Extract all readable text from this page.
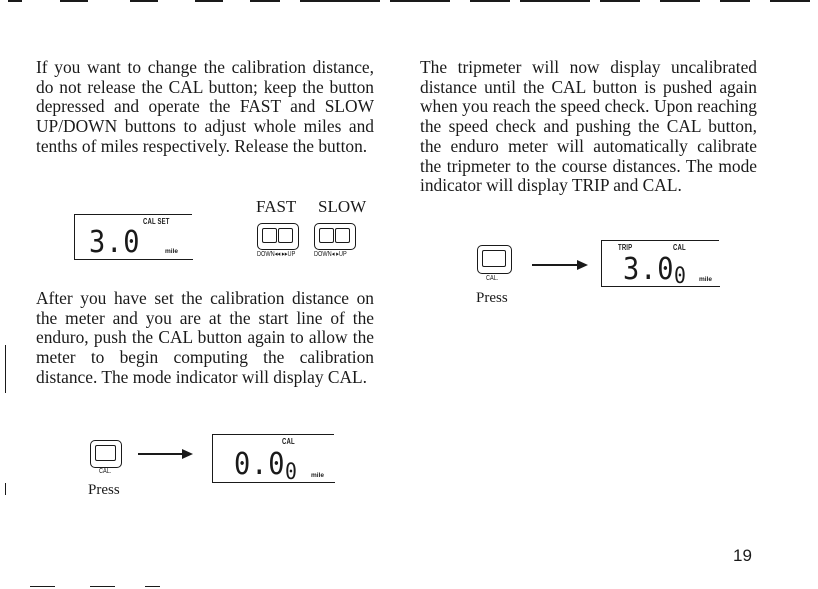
If you want to change the calibration distance, do not release the CAL button; keep the button depressed and operate the FAST and SLOW UP/DOWN buttons to adjust whole miles and tenths of miles respectively. Release the button.

CAL SET
3.0	mile
FAST SLOW
DOWN◂◂ ▸▸UP	DOWN◂ ▸UP

After you have set the calibration distance on the meter and you are at the start line of the enduro, push the CAL button again to allow the meter to begin computing the calibration distance. The mode indicator will display CAL.

CAL.
Press
CAL
0.0 0 mile

The tripmeter will now display uncalibrated distance until the CAL button is pushed again when you reach the speed check. Upon reaching the speed check and pushing the CAL button, the enduro meter will automatically calibrate the tripmeter to the course distances. The mode indicator will display TRIP and CAL.

CAL.
Press
TRIP	CAL
3.0 0 mile
19
